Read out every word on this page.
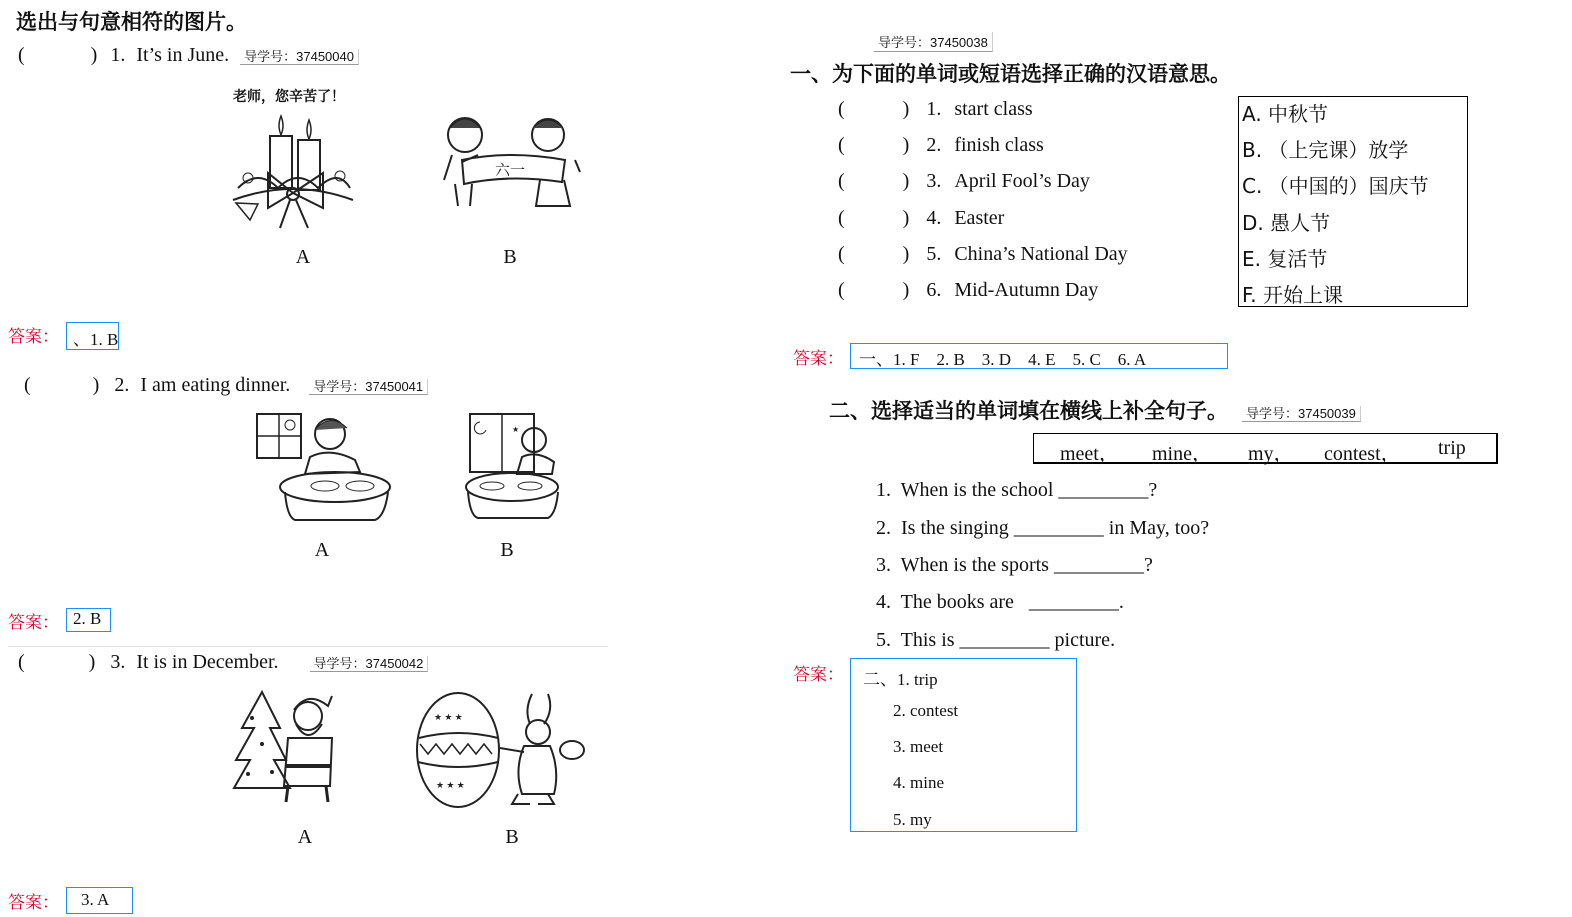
选出与句意相符的图片。
(	) 1. It’s in June. 导学号：37450040
老师，您辛苦了！
六一
A	B
答案： 、1. B
(	) 2. I am eating dinner. 导学号：37450041
★
A	B
答案： 2. B
(	) 3. It is in December.	导学号：37450042
★ ★ ★
★ ★ ★
A	B
答案：	3. A
导学号：37450038
一、为下面的单词或短语选择正确的汉语意思。
(	) 1. start class
(	) 2. finish class
(	) 3. April Fool’s Day
(	) 4. Easter
(	) 5. China’s National Day
(	) 6. Mid-Autumn Day
A. 中秋节
B. （上完课）放学
C. （中国的）国庆节
D. 愚人节
E. 复活节
F. 开始上课
答案： 一、1. F    2. B    3. D    4. E    5. C    6. A
二、选择适当的单词填在横线上补全句子。 导学号：37450039
meet， mine， my， contest， trip
1.  When is the school _________?
2.  Is the singing _________ in May, too?
3.  When is the sports _________?
4.  The books are   _________.
5.  This is _________ picture.
答案： 二、1. trip
2. contest
3. meet
4. mine
5. my
